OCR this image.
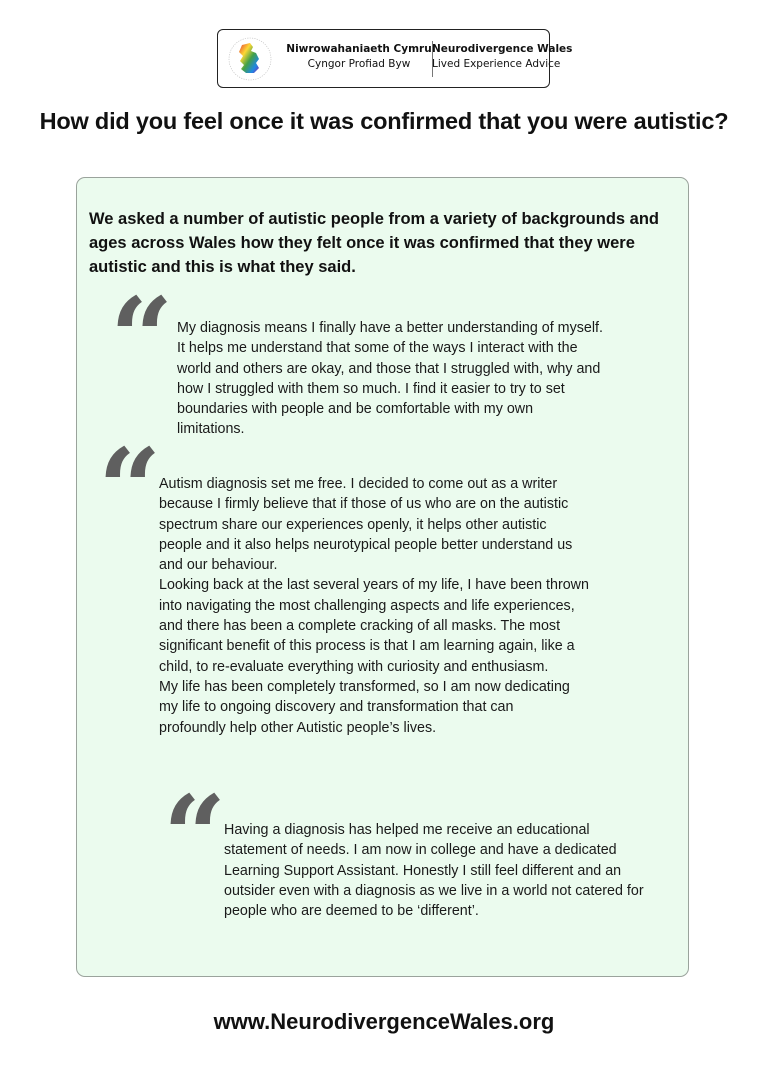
Niwrowahaniaeth Cymru
Cyngor Profiad Byw
Neurodivergence Wales
Lived Experience Advice
How did you feel once it was confirmed that you were autistic?

We asked a number of autistic people from a variety of backgrounds and ages across Wales how they felt once it was confirmed that they were autistic and this is what they said.

My diagnosis means I finally have a better understanding of myself.
It helps me understand that some of the ways I interact with the
world and others are okay, and those that I struggled with, why and
how I struggled with them so much. I find it easier to try to set
boundaries with people and be comfortable with my own
limitations.

Autism diagnosis set me free. I decided to come out as a writer
because I firmly believe that if those of us who are on the autistic
spectrum share our experiences openly, it helps other autistic
people and it also helps neurotypical people better understand us
and our behaviour.
Looking back at the last several years of my life, I have been thrown
into navigating the most challenging aspects and life experiences,
and there has been a complete cracking of all masks. The most
significant benefit of this process is that I am learning again, like a
child, to re-evaluate everything with curiosity and enthusiasm.
My life has been completely transformed, so I am now dedicating
my life to ongoing discovery and transformation that can
profoundly help other Autistic people’s lives.

Having a diagnosis has helped me receive an educational
statement of needs. I am now in college and have a dedicated
Learning Support Assistant. Honestly I still feel different and an
outsider even with a diagnosis as we live in a world not catered for
people who are deemed to be ‘different’.

www.NeurodivergenceWales.org
